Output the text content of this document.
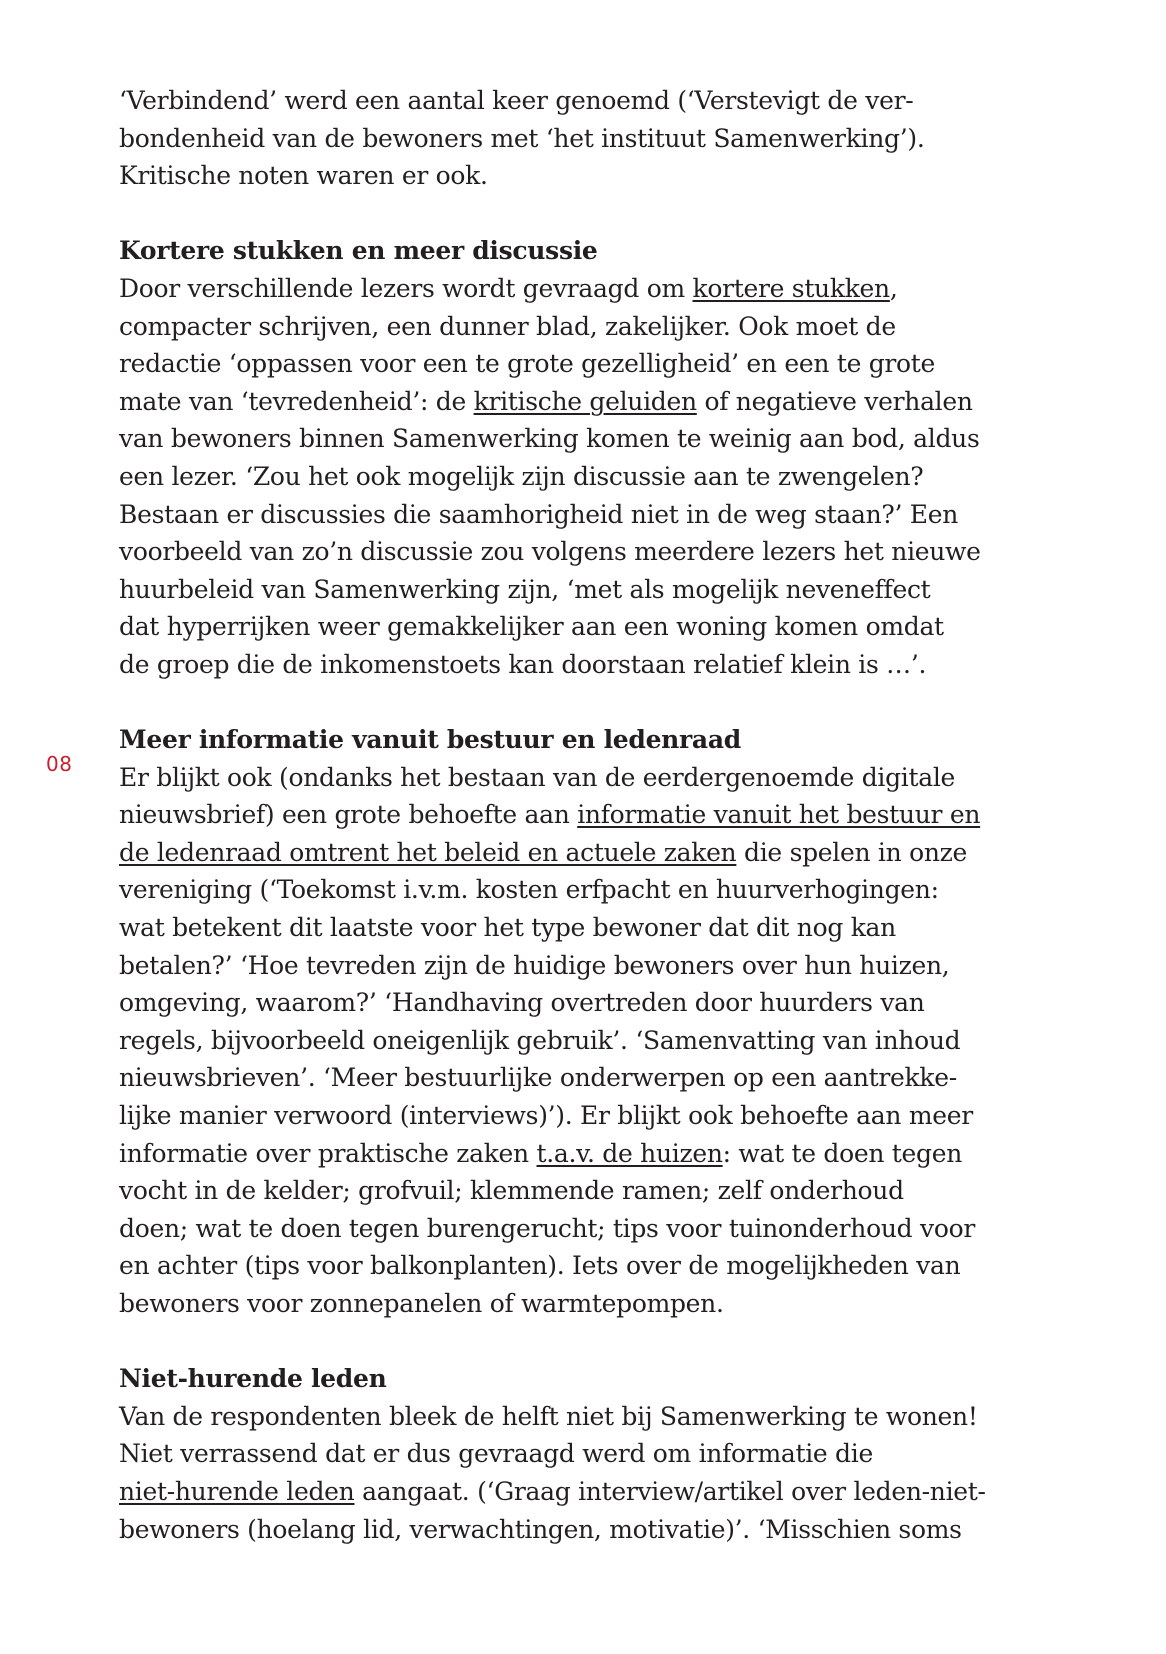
08
‘Verbindend’ werd een aantal keer genoemd (‘Verstevigt de ver-
bondenheid van de bewoners met ‘het instituut Samenwerking’).
Kritische noten waren er ook.
Kortere stukken en meer discussie
Door verschillende lezers wordt gevraagd om kortere stukken,
compacter schrijven, een dunner blad, zakelijker. Ook moet de
redactie ‘oppassen voor een te grote gezelligheid’ en een te grote
mate van ‘tevredenheid’: de kritische geluiden of negatieve verhalen
van bewoners binnen Samenwerking komen te weinig aan bod, aldus
een lezer. ‘Zou het ook mogelijk zijn discussie aan te zwengelen?
Bestaan er discussies die saamhorigheid niet in de weg staan?’ Een
voorbeeld van zo’n discussie zou volgens meerdere lezers het nieuwe
huurbeleid van Samenwerking zijn, ‘met als mogelijk neveneffect
dat hyperrijken weer gemakkelijker aan een woning komen omdat
de groep die de inkomenstoets kan doorstaan relatief klein is …’.
Meer informatie vanuit bestuur en ledenraad
Er blijkt ook (ondanks het bestaan van de eerdergenoemde digitale
nieuwsbrief) een grote behoefte aan informatie vanuit het bestuur en
de ledenraad omtrent het beleid en actuele zaken die spelen in onze
vereniging (‘Toekomst i.v.m. kosten erfpacht en huurverhogingen:
wat betekent dit laatste voor het type bewoner dat dit nog kan
betalen?’ ‘Hoe tevreden zijn de huidige bewoners over hun huizen,
omgeving, waarom?’ ‘Handhaving overtreden door huurders van
regels, bijvoorbeeld oneigenlijk gebruik’. ‘Samenvatting van inhoud
nieuwsbrieven’. ‘Meer bestuurlijke onderwerpen op een aantrekke-
lijke manier verwoord (interviews)’). Er blijkt ook behoefte aan meer
informatie over praktische zaken t.a.v. de huizen: wat te doen tegen
vocht in de kelder; grofvuil; klemmende ramen; zelf onderhoud
doen; wat te doen tegen burengerucht; tips voor tuinonderhoud voor
en achter (tips voor balkonplanten). Iets over de mogelijkheden van
bewoners voor zonnepanelen of warmtepompen.
Niet-hurende leden
Van de respondenten bleek de helft niet bij Samenwerking te wonen!
Niet verrassend dat er dus gevraagd werd om informatie die
niet-hurende leden aangaat. (‘Graag interview/artikel over leden-niet-
bewoners (hoelang lid, verwachtingen, motivatie)’. ‘Misschien soms
